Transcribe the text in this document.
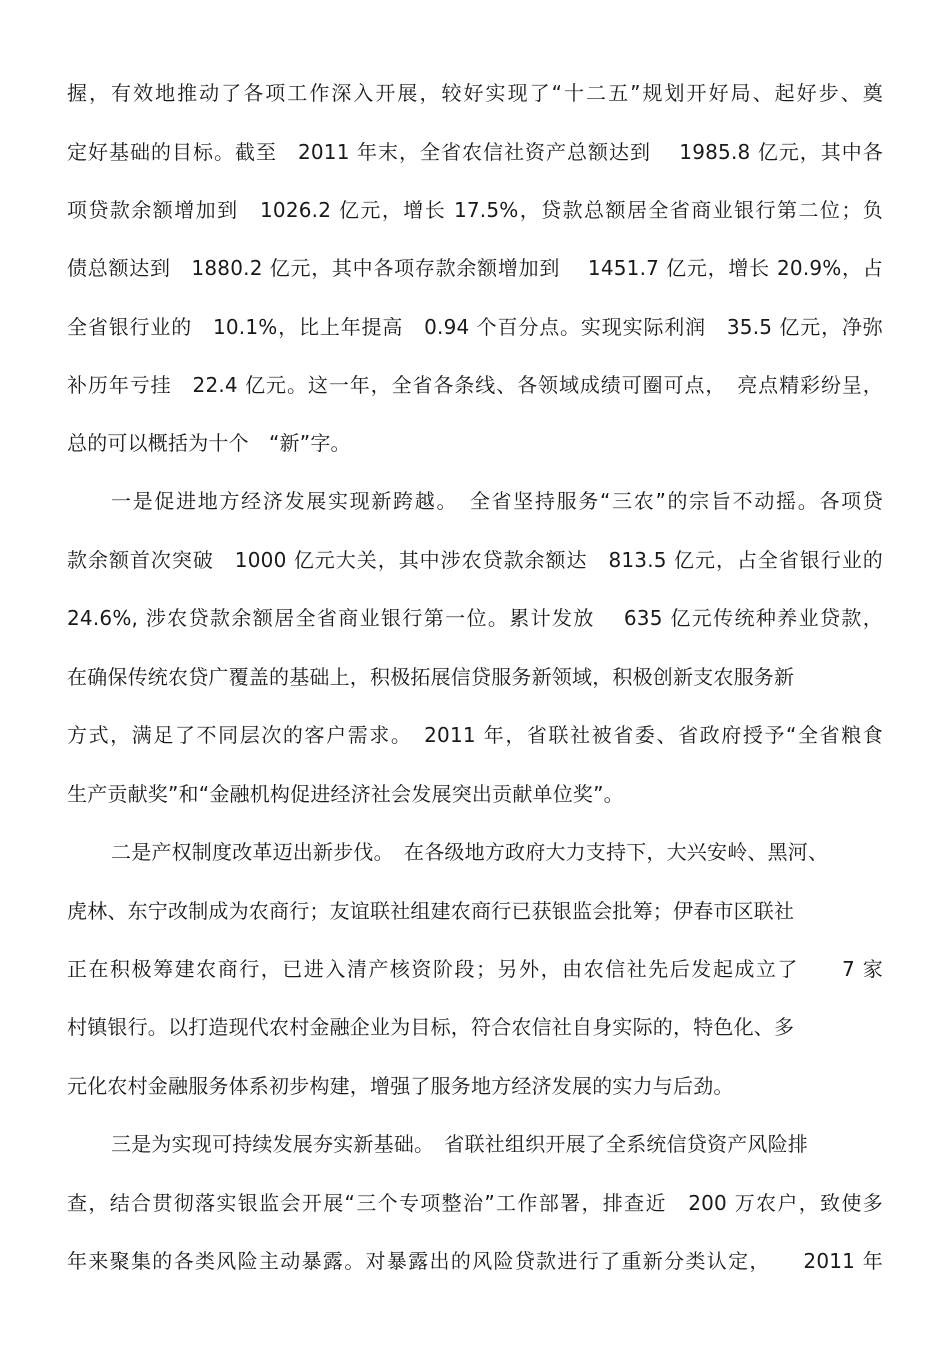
握，有效地推动了各项工作深入开展，较好实现了“十二五”规划开好局、起好步、奠
定好基础的目标。截至　2011 年末，全省农信社资产总额达到　 1985.8 亿元，其中各
项贷款余额增加到　1026.2 亿元，增长 17.5%，贷款总额居全省商业银行第二位；负
债总额达到　1880.2 亿元，其中各项存款余额增加到　 1451.7 亿元，增长 20.9%，占
全省银行业的　10.1%，比上年提高　0.94 个百分点。实现实际利润　35.5 亿元，净弥
补历年亏挂　22.4 亿元。这一年，全省各条线、各领域成绩可圈可点，　亮点精彩纷呈，
总的可以概括为十个　“新”字。
一是促进地方经济发展实现新跨越。　全省坚持服务“三农”的宗旨不动摇。各项贷
款余额首次突破　1000 亿元大关，其中涉农贷款余额达　813.5 亿元，占全省银行业的
24.6%, 涉农贷款余额居全省商业银行第一位。累计发放　 635 亿元传统种养业贷款，
在确保传统农贷广覆盖的基础上，积极拓展信贷服务新领域，积极创新支农服务新
方式，满足了不同层次的客户需求。　2011 年，省联社被省委、省政府授予“全省粮食
生产贡献奖”和“金融机构促进经济社会发展突出贡献单位奖”。
二是产权制度改革迈出新步伐。　在各级地方政府大力支持下，大兴安岭、黑河、
虎林、东宁改制成为农商行；友谊联社组建农商行已获银监会批筹；伊春市区联社
正在积极筹建农商行，已进入清产核资阶段；另外，由农信社先后发起成立了　　7 家
村镇银行。以打造现代农村金融企业为目标，符合农信社自身实际的，特色化、多
元化农村金融服务体系初步构建，增强了服务地方经济发展的实力与后劲。
三是为实现可持续发展夯实新基础。　省联社组织开展了全系统信贷资产风险排
查，结合贯彻落实银监会开展“三个专项整治”工作部署，排查近　200 万农户，致使多
年来聚集的各类风险主动暴露。对暴露出的风险贷款进行了重新分类认定，　　2011 年
